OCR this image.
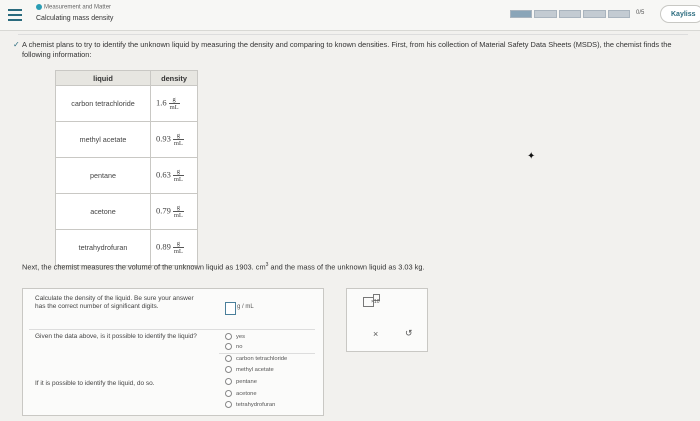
Measurement and Matter
Calculating mass density
0/5	Kayliss
✓ A chemist plans to try to identify the unknown liquid by measuring the density and comparing to known densities. First, from his collection of Material Safety Data Sheets (MSDS), the chemist finds the following information:
liquid	density
carbon tetrachloride	$1.6 \frac{g}{mL}$

methyl acetate	$0.93 \frac{g}{mL}$

pentane	$0.63 \frac{g}{mL}$

acetone	$0.79 \frac{g}{mL}$

tetrahydrofuran	$0.89 \frac{g}{mL}$
Next, the chemist measures the volume of the unknown liquid as 1903. $cm^3$ and the mass of the unknown liquid as 3.03 kg.
Calculate the density of the liquid. Be sure your answer has the correct number of significant digits.	g / mL
Given the data above, is it possible to identify the liquid?	yes
no
If it is possible to identify the liquid, do so.
carbon tetrachloride
methyl acetate
pentane
acetone
tetrahydrofuran
×10
×	↺
✦
